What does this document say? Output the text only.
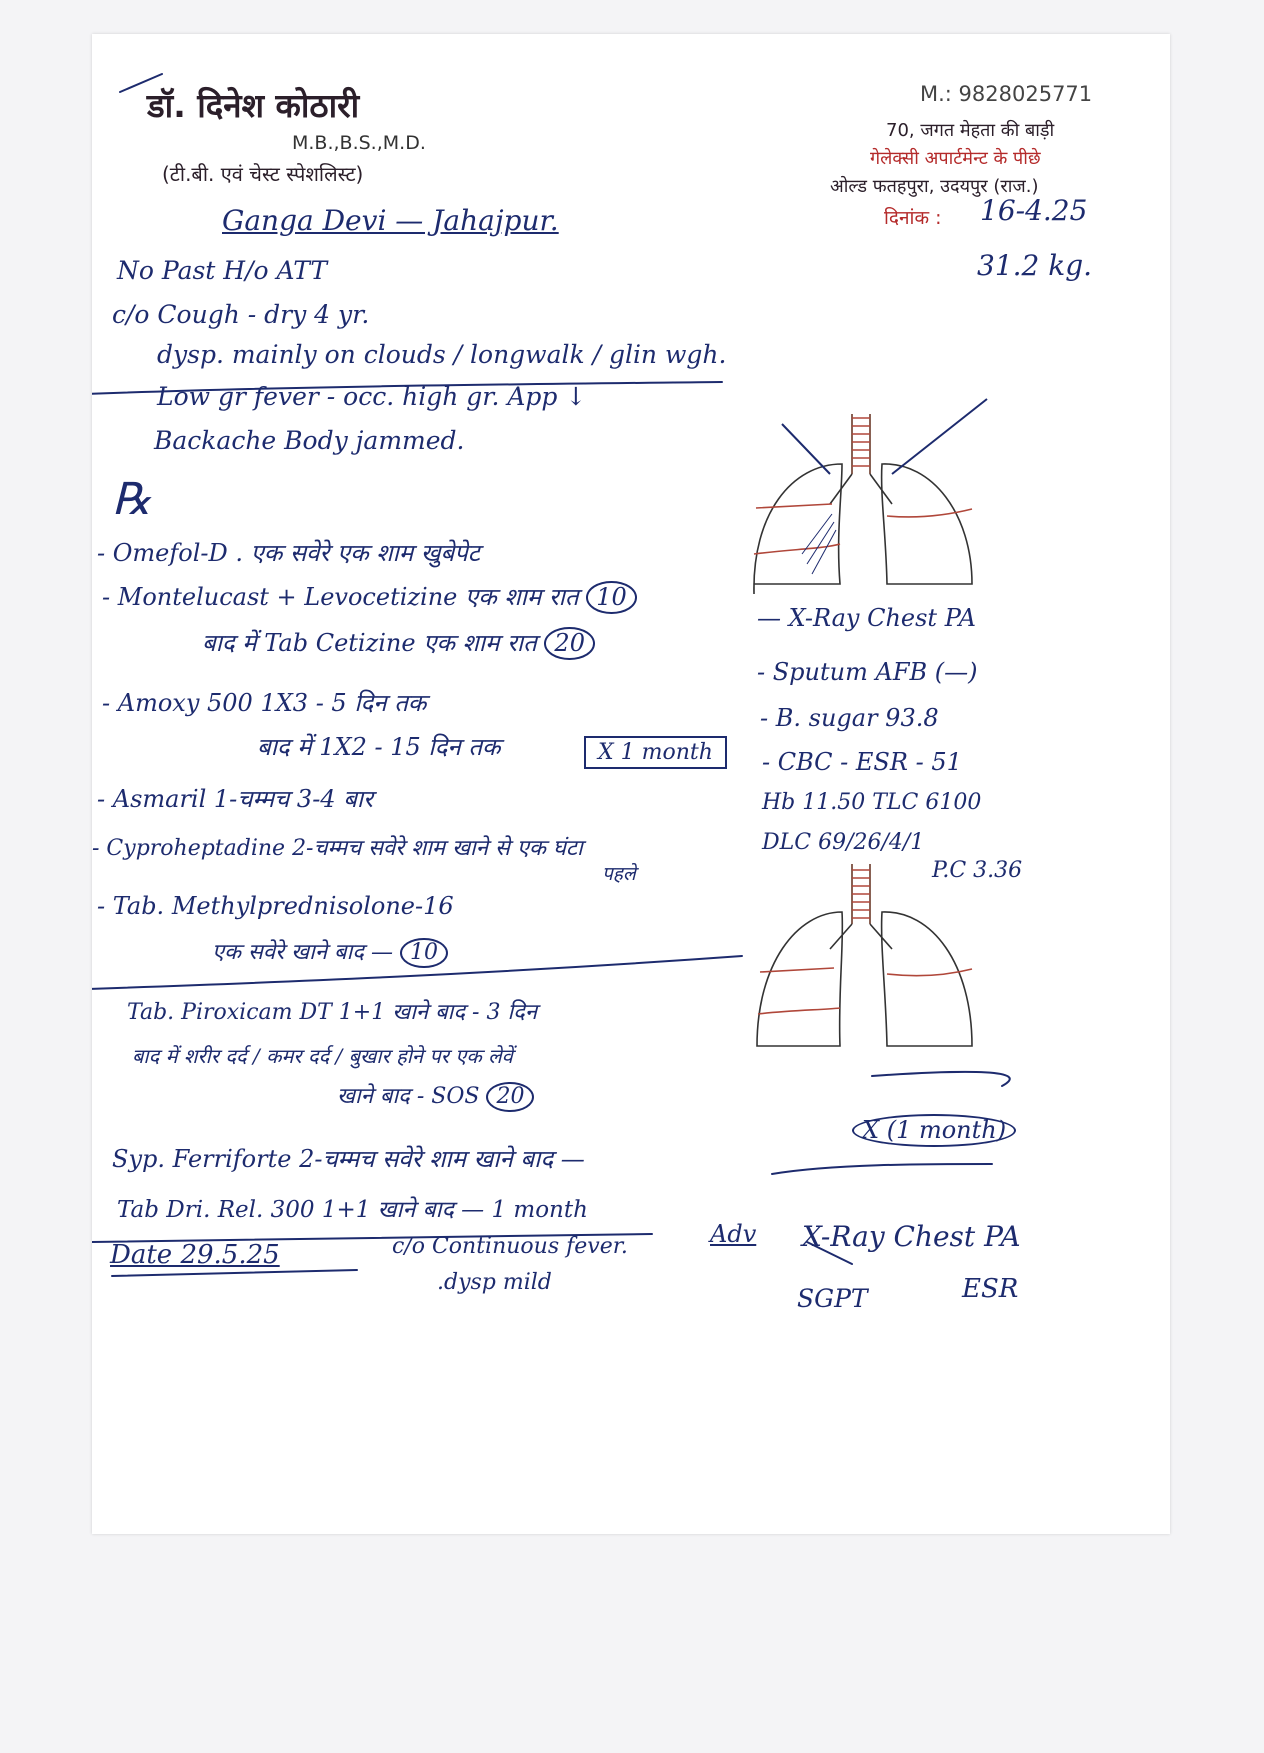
डॉ. दिनेश कोठारी
M.B.,B.S.,M.D.
(टी.बी. एवं चेस्ट स्पेशलिस्ट)
M.: 9828025771
70, जगत मेहता की बाड़ी
गेलेक्सी अपार्टमेन्ट के पीछे
ओल्ड फतहपुरा, उदयपुर (राज.)
दिनांक : 16-4.25
31.2 kg.
Ganga Devi — Jahajpur.
No Past H/o ATT
c/o Cough - dry 4 yr.
dysp. mainly on clouds / longwalk / glin wgh.
Low gr fever - occ. high gr. App ↓
Backache Body jammed.
℞
- Omefol-D . एक सवेरे एक शाम खुबेपेट
- Montelucast + Levocetizine एक शाम रात 10
बाद में Tab Cetizine एक शाम रात 20
- Amoxy 500 1X3 - 5 दिन तक
बाद में 1X2 - 15 दिन तक	X 1 month
- Asmaril 1-चम्मच 3-4 बार
- Cyproheptadine 2-चम्मच सवेरे शाम खाने से एक घंटा
पहले
- Tab. Methylprednisolone-16
एक सवेरे खाने बाद — 10
Tab. Piroxicam DT 1+1 खाने बाद - 3 दिन
बाद में शरीर दर्द / कमर दर्द / बुखार होने पर एक लेवें
खाने बाद - SOS 20
Syp. Ferriforte 2-चम्मच सवेरे शाम खाने बाद —
X (1 month)
Tab Dri. Rel. 300 1+1 खाने बाद — 1 month
Date 29.5.25	c/o Continuous fever.
.dysp mild
Adv
— X-Ray Chest PA
- Sputum AFB (—)
- B. sugar 93.8
- CBC - ESR - 51
Hb 11.50 TLC 6100
DLC 69/26/4/1
P.C 3.36
X-Ray Chest PA
SGPT	ESR
